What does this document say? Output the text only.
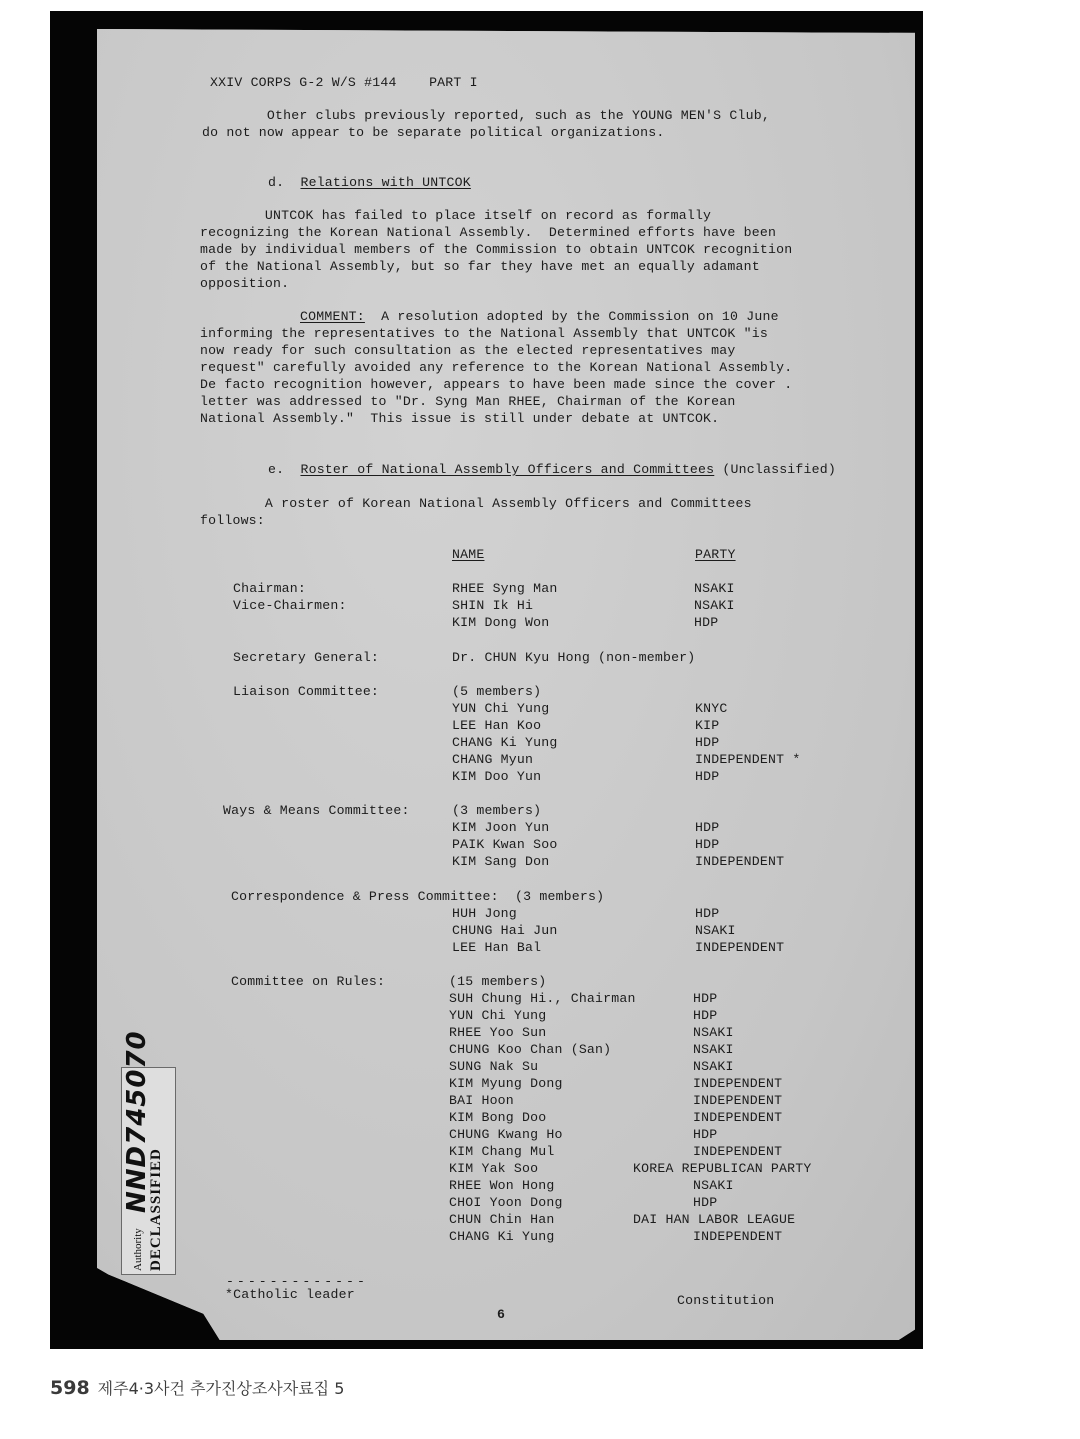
XXIV CORPS G-2 W/S #144    PART I
Other clubs previously reported, such as the YOUNG MEN'S Club,
do not now appear to be separate political organizations.
d. Relations with UNTCOK
UNTCOK has failed to place itself on record as formally
recognizing the Korean National Assembly.  Determined efforts have been
made by individual members of the Commission to obtain UNTCOK recognition
of the National Assembly, but so far they have met an equally adamant
opposition.
COMMENT:  A resolution adopted by the Commission on 10 June
informing the representatives to the National Assembly that UNTCOK "is
now ready for such consultation as the elected representatives may
request" carefully avoided any reference to the Korean National Assembly.
De facto recognition however, appears to have been made since the cover .
letter was addressed to "Dr. Syng Man RHEE, Chairman of the Korean
National Assembly."  This issue is still under debate at UNTCOK.
e. Roster of National Assembly Officers and Committees (Unclassified)
A roster of Korean National Assembly Officers and Committees
follows:
NAME	PARTY
Chairman:	RHEE Syng Man	NSAKI
Vice-Chairmen:	SHIN Ik Hi	NSAKI
KIM Dong Won	HDP
Secretary General:	Dr. CHUN Kyu Hong (non-member)
Liaison Committee:	(5 members)
YUN Chi Yung	KNYC
LEE Han Koo	KIP
CHANG Ki Yung	HDP
CHANG Myun	INDEPENDENT *
KIM Doo Yun	HDP
Ways & Means Committee:	(3 members)
KIM Joon Yun	HDP
PAIK Kwan Soo	HDP
KIM Sang Don	INDEPENDENT
Correspondence & Press Committee: (3 members)
HUH Jong	HDP
CHUNG Hai Jun	NSAKI
LEE Han Bal	INDEPENDENT
Committee on Rules:	(15 members)
SUH Chung Hi., Chairman	HDP
YUN Chi Yung	HDP
RHEE Yoo Sun	NSAKI
CHUNG Koo Chan (San)	NSAKI
SUNG Nak Su	NSAKI
KIM Myung Dong	INDEPENDENT
BAI Hoon	INDEPENDENT
KIM Bong Doo	INDEPENDENT
CHUNG Kwang Ho	HDP
KIM Chang Mul	INDEPENDENT
KIM Yak Soo	KOREA REPUBLICAN PARTY
RHEE Won Hong	NSAKI
CHOI Yoon Dong	HDP
CHUN Chin Han	DAI HAN LABOR LEAGUE
CHANG Ki Yung	INDEPENDENT
Authority DECLASSIFIED
NND745070
-------------
*Catholic leader	Constitution
6
598 제주4·3사건 추가진상조사자료집 5
